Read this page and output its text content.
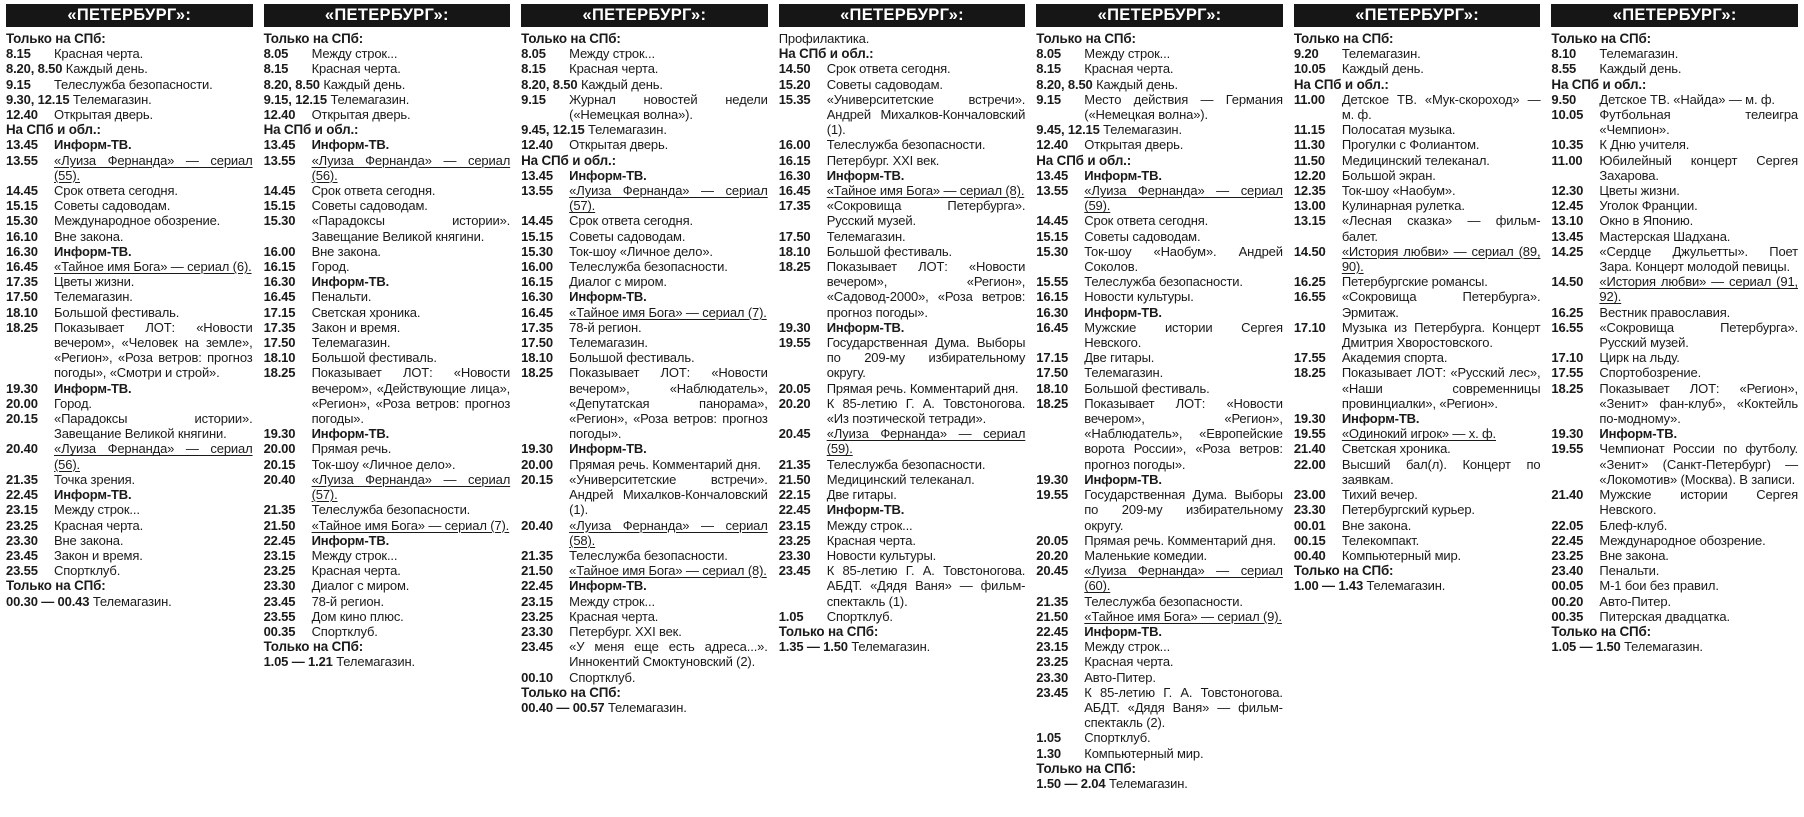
«ПЕТЕРБУРГ»:
Только на СПб:
8.15	Красная черта.
8.20, 8.50 Каждый день.
9.15	Телеслужба безопасности.
9.30, 12.15 Телемагазин.
12.40	Открытая дверь.
На СПб и обл.:
13.45	Информ-ТВ.
13.55	«Луиза Фернанда» — сериал (55).
14.45	Срок ответа сегодня.
15.15	Советы садоводам.
15.30	Международное обозрение.
16.10	Вне закона.
16.30	Информ-ТВ.
16.45	«Тайное имя Бога» — сериал (6).
17.35	Цветы жизни.
17.50	Телемагазин.
18.10	Большой фестиваль.
18.25	Показывает ЛОТ: «Новости вечером», «Человек на земле», «Регион», «Роза ветров: прогноз погоды», «Смотри и строй».
19.30	Информ-ТВ.
20.00	Город.
20.15	«Парадоксы истории». Завещание Великой княгини.
20.40	«Луиза Фернанда» — сериал (56).
21.35	Точка зрения.
22.45	Информ-ТВ.
23.15	Между строк...
23.25	Красная черта.
23.30	Вне закона.
23.45	Закон и время.
23.55	Спортклуб.
Только на СПб:
00.30 — 00.43 Телемагазин.
«ПЕТЕРБУРГ»:
Только на СПб:
8.05	Между строк...
8.15	Красная черта.
8.20, 8.50 Каждый день.
9.15, 12.15 Телемагазин.
12.40	Открытая дверь.
На СПб и обл.:
13.45	Информ-ТВ.
13.55	«Луиза Фернанда» — сериал (56).
14.45	Срок ответа сегодня.
15.15	Советы садоводам.
15.30	«Парадоксы истории». Завещание Великой княгини.
16.00	Вне закона.
16.15	Город.
16.30	Информ-ТВ.
16.45	Пенальти.
17.15	Светская хроника.
17.35	Закон и время.
17.50	Телемагазин.
18.10	Большой фестиваль.
18.25	Показывает ЛОТ: «Новости вечером», «Действующие лица», «Регион», «Роза ветров: прогноз погоды».
19.30	Информ-ТВ.
20.00	Прямая речь.
20.15	Ток-шоу «Личное дело».
20.40	«Луиза Фернанда» — сериал (57).
21.35	Телеслужба безопасности.
21.50	«Тайное имя Бога» — сериал (7).
22.45	Информ-ТВ.
23.15	Между строк...
23.25	Красная черта.
23.30	Диалог с миром.
23.45	78-й регион.
23.55	Дом кино плюс.
00.35	Спортклуб.
Только на СПб:
1.05 — 1.21 Телемагазин.
«ПЕТЕРБУРГ»:
Только на СПб:
8.05	Между строк...
8.15	Красная черта.
8.20, 8.50 Каждый день.
9.15	Журнал новостей недели («Немецкая волна»).
9.45, 12.15 Телемагазин.
12.40	Открытая дверь.
На СПб и обл.:
13.45	Информ-ТВ.
13.55	«Луиза Фернанда» — сериал (57).
14.45	Срок ответа сегодня.
15.15	Советы садоводам.
15.30	Ток-шоу «Личное дело».
16.00	Телеслужба безопасности.
16.15	Диалог с миром.
16.30	Информ-ТВ.
16.45	«Тайное имя Бога» — сериал (7).
17.35	78-й регион.
17.50	Телемагазин.
18.10	Большой фестиваль.
18.25	Показывает ЛОТ: «Новости вечером», «Наблюдатель», «Депутатская панорама», «Регион», «Роза ветров: прогноз погоды».
19.30	Информ-ТВ.
20.00	Прямая речь. Комментарий дня.
20.15	«Университетские встречи». Андрей Михалков-Кончаловский (1).
20.40	«Луиза Фернанда» — сериал (58).
21.35	Телеслужба безопасности.
21.50	«Тайное имя Бога» — сериал (8).
22.45	Информ-ТВ.
23.15	Между строк...
23.25	Красная черта.
23.30	Петербург. XXI век.
23.45	«У меня еще есть адреса...». Иннокентий Смоктуновский (2).
00.10	Спортклуб.
Только на СПб:
00.40 — 00.57 Телемагазин.
«ПЕТЕРБУРГ»:
Профилактика.
На СПб и обл.:
14.50	Срок ответа сегодня.
15.20	Советы садоводам.
15.35	«Университетские встречи». Андрей Михалков-Кончаловский (1).
16.00	Телеслужба безопасности.
16.15	Петербург. XXI век.
16.30	Информ-ТВ.
16.45	«Тайное имя Бога» — сериал (8).
17.35	«Сокровища Петербурга». Русский музей.
17.50	Телемагазин.
18.10	Большой фестиваль.
18.25	Показывает ЛОТ: «Новости вечером», «Регион», «Садовод-2000», «Роза ветров: прогноз погоды».
19.30	Информ-ТВ.
19.55	Государственная Дума. Выборы по 209-му избирательному округу.
20.05	Прямая речь. Комментарий дня.
20.20	К 85-летию Г. А. Товстоногова. «Из поэтической тетради».
20.45	«Луиза Фернанда» — сериал (59).
21.35	Телеслужба безопасности.
21.50	Медицинский телеканал.
22.15	Две гитары.
22.45	Информ-ТВ.
23.15	Между строк...
23.25	Красная черта.
23.30	Новости культуры.
23.45	К 85-летию Г. А. Товстоногова. АБДТ. «Дядя Ваня» — фильм-спектакль (1).
1.05	Спортклуб.
Только на СПб:
1.35 — 1.50 Телемагазин.
«ПЕТЕРБУРГ»:
Только на СПб:
8.05	Между строк...
8.15	Красная черта.
8.20, 8.50 Каждый день.
9.15	Место действия — Германия («Немецкая волна»).
9.45, 12.15 Телемагазин.
12.40	Открытая дверь.
На СПб и обл.:
13.45	Информ-ТВ.
13.55	«Луиза Фернанда» — сериал (59).
14.45	Срок ответа сегодня.
15.15	Советы садоводам.
15.30	Ток-шоу «Наобум». Андрей Соколов.
15.55	Телеслужба безопасности.
16.15	Новости культуры.
16.30	Информ-ТВ.
16.45	Мужские истории Сергея Невского.
17.15	Две гитары.
17.50	Телемагазин.
18.10	Большой фестиваль.
18.25	Показывает ЛОТ: «Новости вечером», «Регион», «Наблюдатель», «Европейские ворота России», «Роза ветров: прогноз погоды».
19.30	Информ-ТВ.
19.55	Государственная Дума. Выборы по 209-му избирательному округу.
20.05	Прямая речь. Комментарий дня.
20.20	Маленькие комедии.
20.45	«Луиза Фернанда» — сериал (60).
21.35	Телеслужба безопасности.
21.50	«Тайное имя Бога» — сериал (9).
22.45	Информ-ТВ.
23.15	Между строк...
23.25	Красная черта.
23.30	Авто-Питер.
23.45	К 85-летию Г. А. Товстоногова. АБДТ. «Дядя Ваня» — фильм-спектакль (2).
1.05	Спортклуб.
1.30	Компьютерный мир.
Только на СПб:
1.50 — 2.04 Телемагазин.
«ПЕТЕРБУРГ»:
Только на СПб:
9.20	Телемагазин.
10.05	Каждый день.
На СПб и обл.:
11.00	Детское ТВ. «Мук-скороход» — м. ф.
11.15	Полосатая музыка.
11.30	Прогулки с Фолиантом.
11.50	Медицинский телеканал.
12.20	Большой экран.
12.35	Ток-шоу «Наобум».
13.00	Кулинарная рулетка.
13.15	«Лесная сказка» — фильм-балет.
14.50	«История любви» — сериал (89, 90).
16.25	Петербургские романсы.
16.55	«Сокровища Петербурга». Эрмитаж.
17.10	Музыка из Петербурга. Концерт Дмитрия Хворостовского.
17.55	Академия спорта.
18.25	Показывает ЛОТ: «Русский лес», «Наши современницы провинциалки», «Регион».
19.30	Информ-ТВ.
19.55	«Одинокий игрок» — х. ф.
21.40	Светская хроника.
22.00	Высший бал(л). Концерт по заявкам.
23.00	Тихий вечер.
23.30	Петербургский курьер.
00.01	Вне закона.
00.15	Телекомпакт.
00.40	Компьютерный мир.
Только на СПб:
1.00 — 1.43 Телемагазин.
«ПЕТЕРБУРГ»:
Только на СПб:
8.10	Телемагазин.
8.55	Каждый день.
На СПб и обл.:
9.50	Детское ТВ. «Найда» — м. ф.
10.05	Футбольная телеигра «Чемпион».
10.35	К Дню учителя.
11.00	Юбилейный концерт Сергея Захарова.
12.30	Цветы жизни.
12.45	Уголок Франции.
13.10	Окно в Японию.
13.45	Мастерская Шадхана.
14.25	«Сердце Джульетты». Поет Зара. Концерт молодой певицы.
14.50	«История любви» — сериал (91, 92).
16.25	Вестник православия.
16.55	«Сокровища Петербурга». Русский музей.
17.10	Цирк на льду.
17.55	Спортобозрение.
18.25	Показывает ЛОТ: «Регион», «Зенит» фан-клуб», «Коктейль по-модному».
19.30	Информ-ТВ.
19.55	Чемпионат России по футболу. «Зенит» (Санкт-Петербург) — «Локомотив» (Москва). В записи.
21.40	Мужские истории Сергея Невского.
22.05	Блеф-клуб.
22.45	Международное обозрение.
23.25	Вне закона.
23.40	Пенальти.
00.05	М-1 бои без правил.
00.20	Авто-Питер.
00.35	Питерская двадцатка.
Только на СПб:
1.05 — 1.50 Телемагазин.
